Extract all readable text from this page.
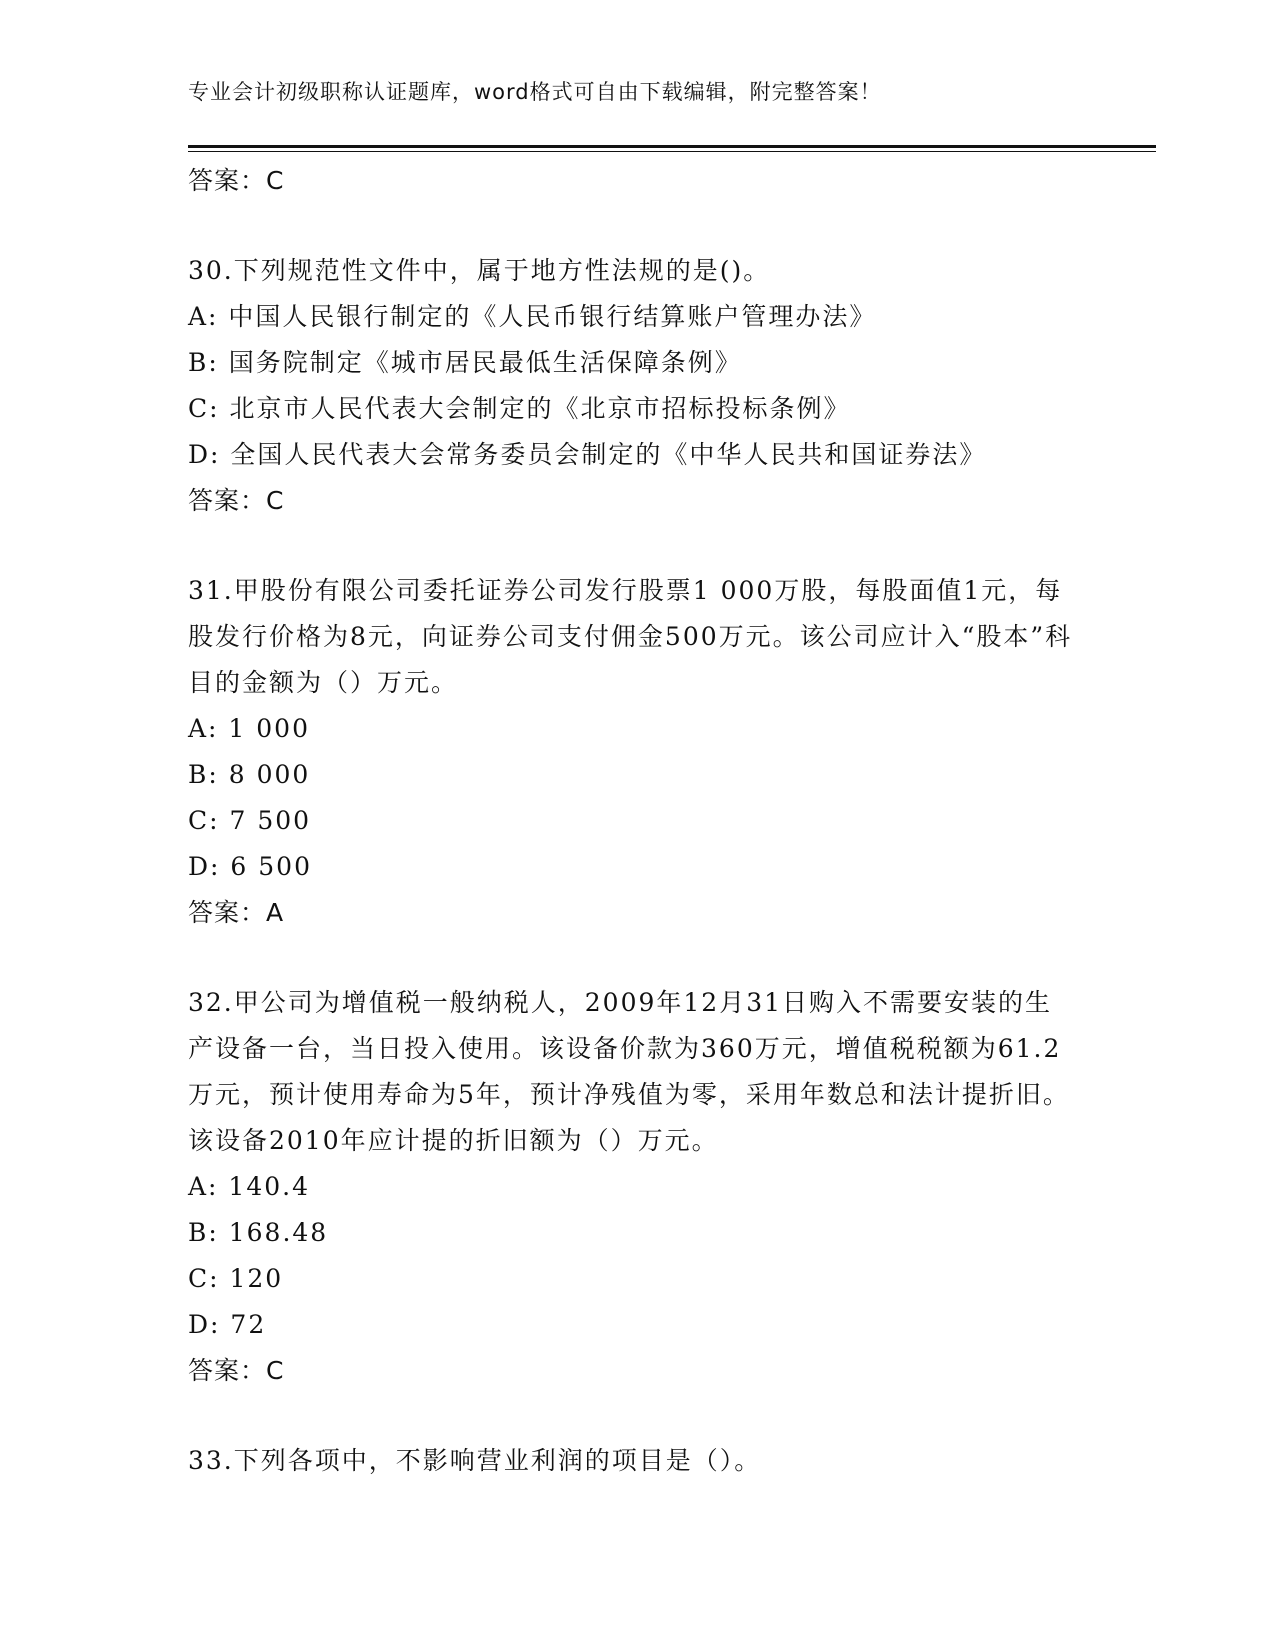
专业会计初级职称认证题库，word格式可自由下载编辑，附完整答案！
答案：C
30.下列规范性文件中，属于地方性法规的是()。
A: 中国人民银行制定的《人民币银行结算账户管理办法》
B: 国务院制定《城市居民最低生活保障条例》
C: 北京市人民代表大会制定的《北京市招标投标条例》
D: 全国人民代表大会常务委员会制定的《中华人民共和国证券法》
答案：C
31.甲股份有限公司委托证券公司发行股票1 000万股，每股面值1元，每股发行价格为8元，向证券公司支付佣金500万元。该公司应计入“股本”科目的金额为（）万元。
A: 1 000
B: 8 000
C: 7 500
D: 6 500
答案：A
32.甲公司为增值税一般纳税人，2009年12月31日购入不需要安装的生产设备一台，当日投入使用。该设备价款为360万元，增值税税额为61.2万元，预计使用寿命为5年，预计净残值为零，采用年数总和法计提折旧。该设备2010年应计提的折旧额为（）万元。
A: 140.4
B: 168.48
C: 120
D: 72
答案：C
33.下列各项中，不影响营业利润的项目是（）。
